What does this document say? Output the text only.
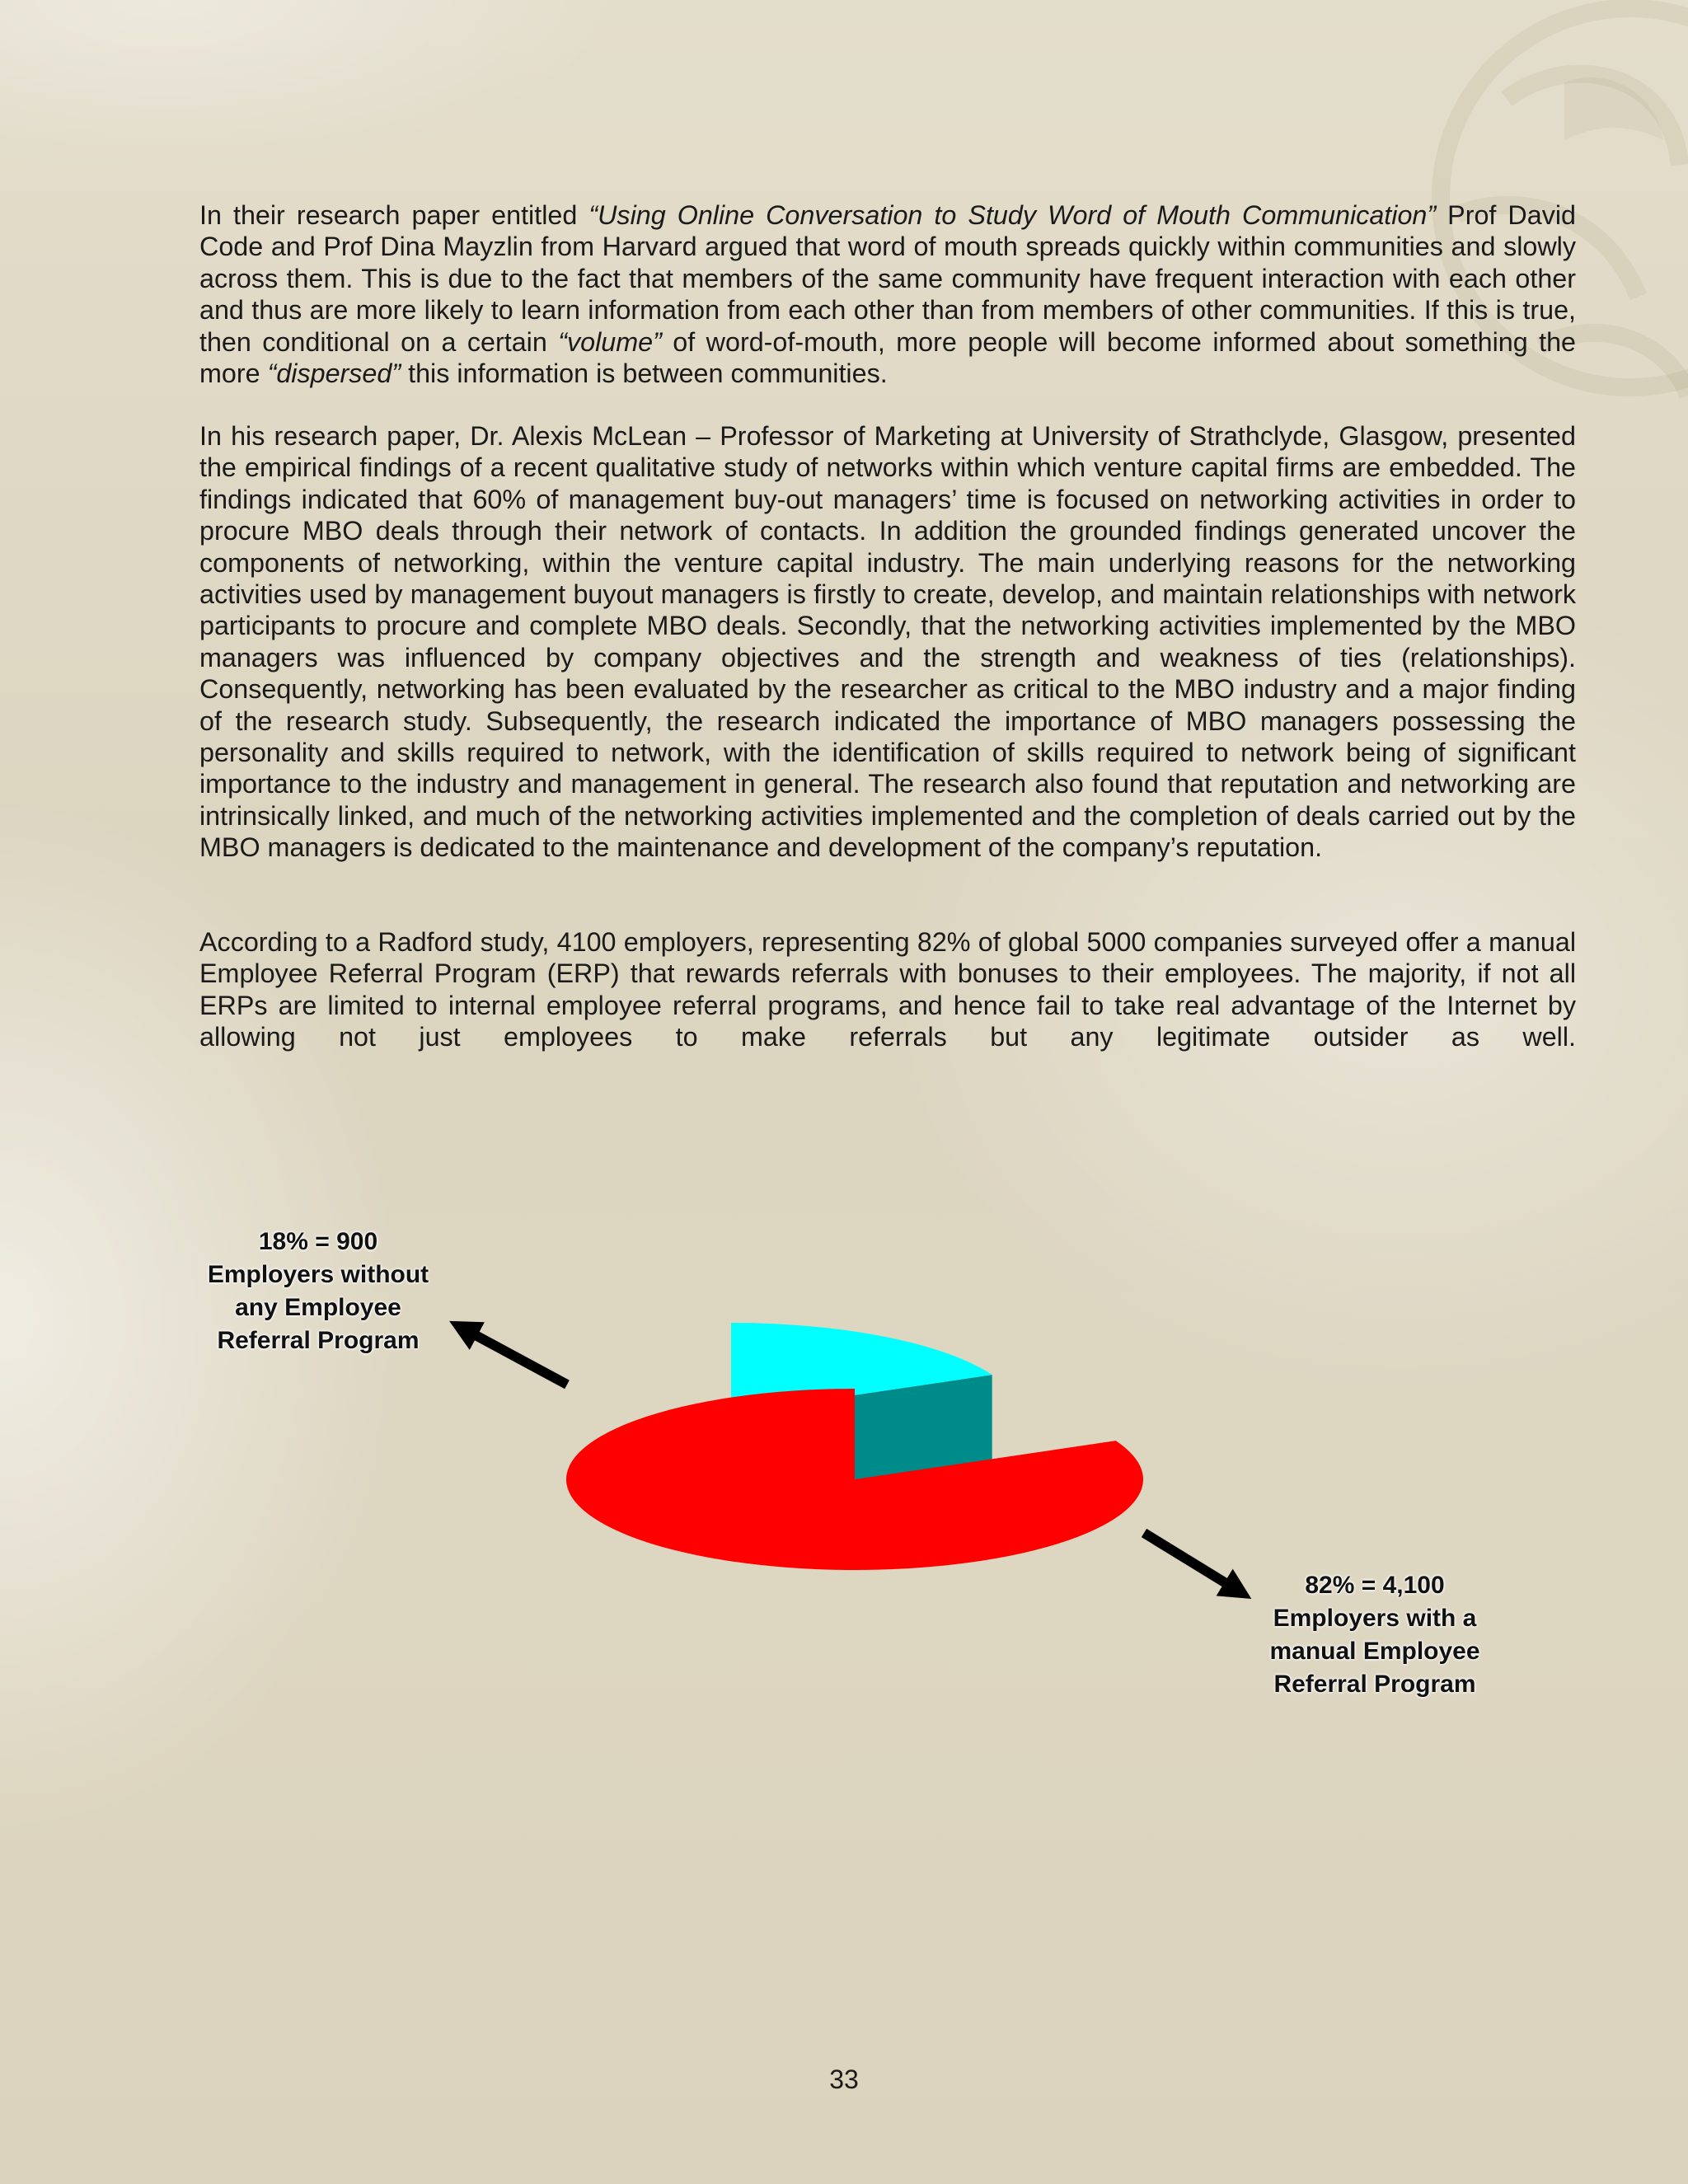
In their research paper entitled “Using Online Conversation to Study Word of Mouth Communication” Prof David Code and Prof Dina Mayzlin from Harvard argued that word of mouth spreads quickly within communities and slowly across them. This is due to the fact that members of the same community have frequent interaction with each other and thus are more likely to learn information from each other than from members of other communities. If this is true, then conditional on a certain “volume” of word-of-mouth, more people will become informed about something the more “dispersed” this information is between communities.

In his research paper, Dr. Alexis McLean – Professor of Marketing at University of Strathclyde, Glasgow, presented the empirical findings of a recent qualitative study of networks within which venture capital firms are embedded. The findings indicated that 60% of management buy-out managers’ time is focused on networking activities in order to procure MBO deals through their network of contacts. In addition the grounded findings generated uncover the components of networking, within the venture capital industry. The main underlying reasons for the networking activities used by management buyout managers is firstly to create, develop, and maintain relationships with network participants to procure and complete MBO deals. Secondly, that the networking activities implemented by the MBO managers was influenced by company objectives and the strength and weakness of ties (relationships). Consequently, networking has been evaluated by the researcher as critical to the MBO industry and a major finding of the research study. Subsequently, the research indicated the importance of MBO managers possessing the personality and skills required to network, with the identification of skills required to network being of significant importance to the industry and management in general. The research also found that reputation and networking are intrinsically linked, and much of the networking activities implemented and the completion of deals carried out by the MBO managers is dedicated to the maintenance and development of the company’s reputation.

According to a Radford study, 4100 employers, representing 82% of global 5000 companies surveyed offer a manual Employee Referral Program (ERP) that rewards referrals with bonuses to their employees. The majority, if not all ERPs are limited to internal employee referral programs, and hence fail to take real advantage of the Internet by allowing not just employees to make referrals but any legitimate outsider as well.

18% = 900
Employers without
any Employee
Referral Program
82% = 4,100
Employers with a
manual Employee
Referral Program
33
